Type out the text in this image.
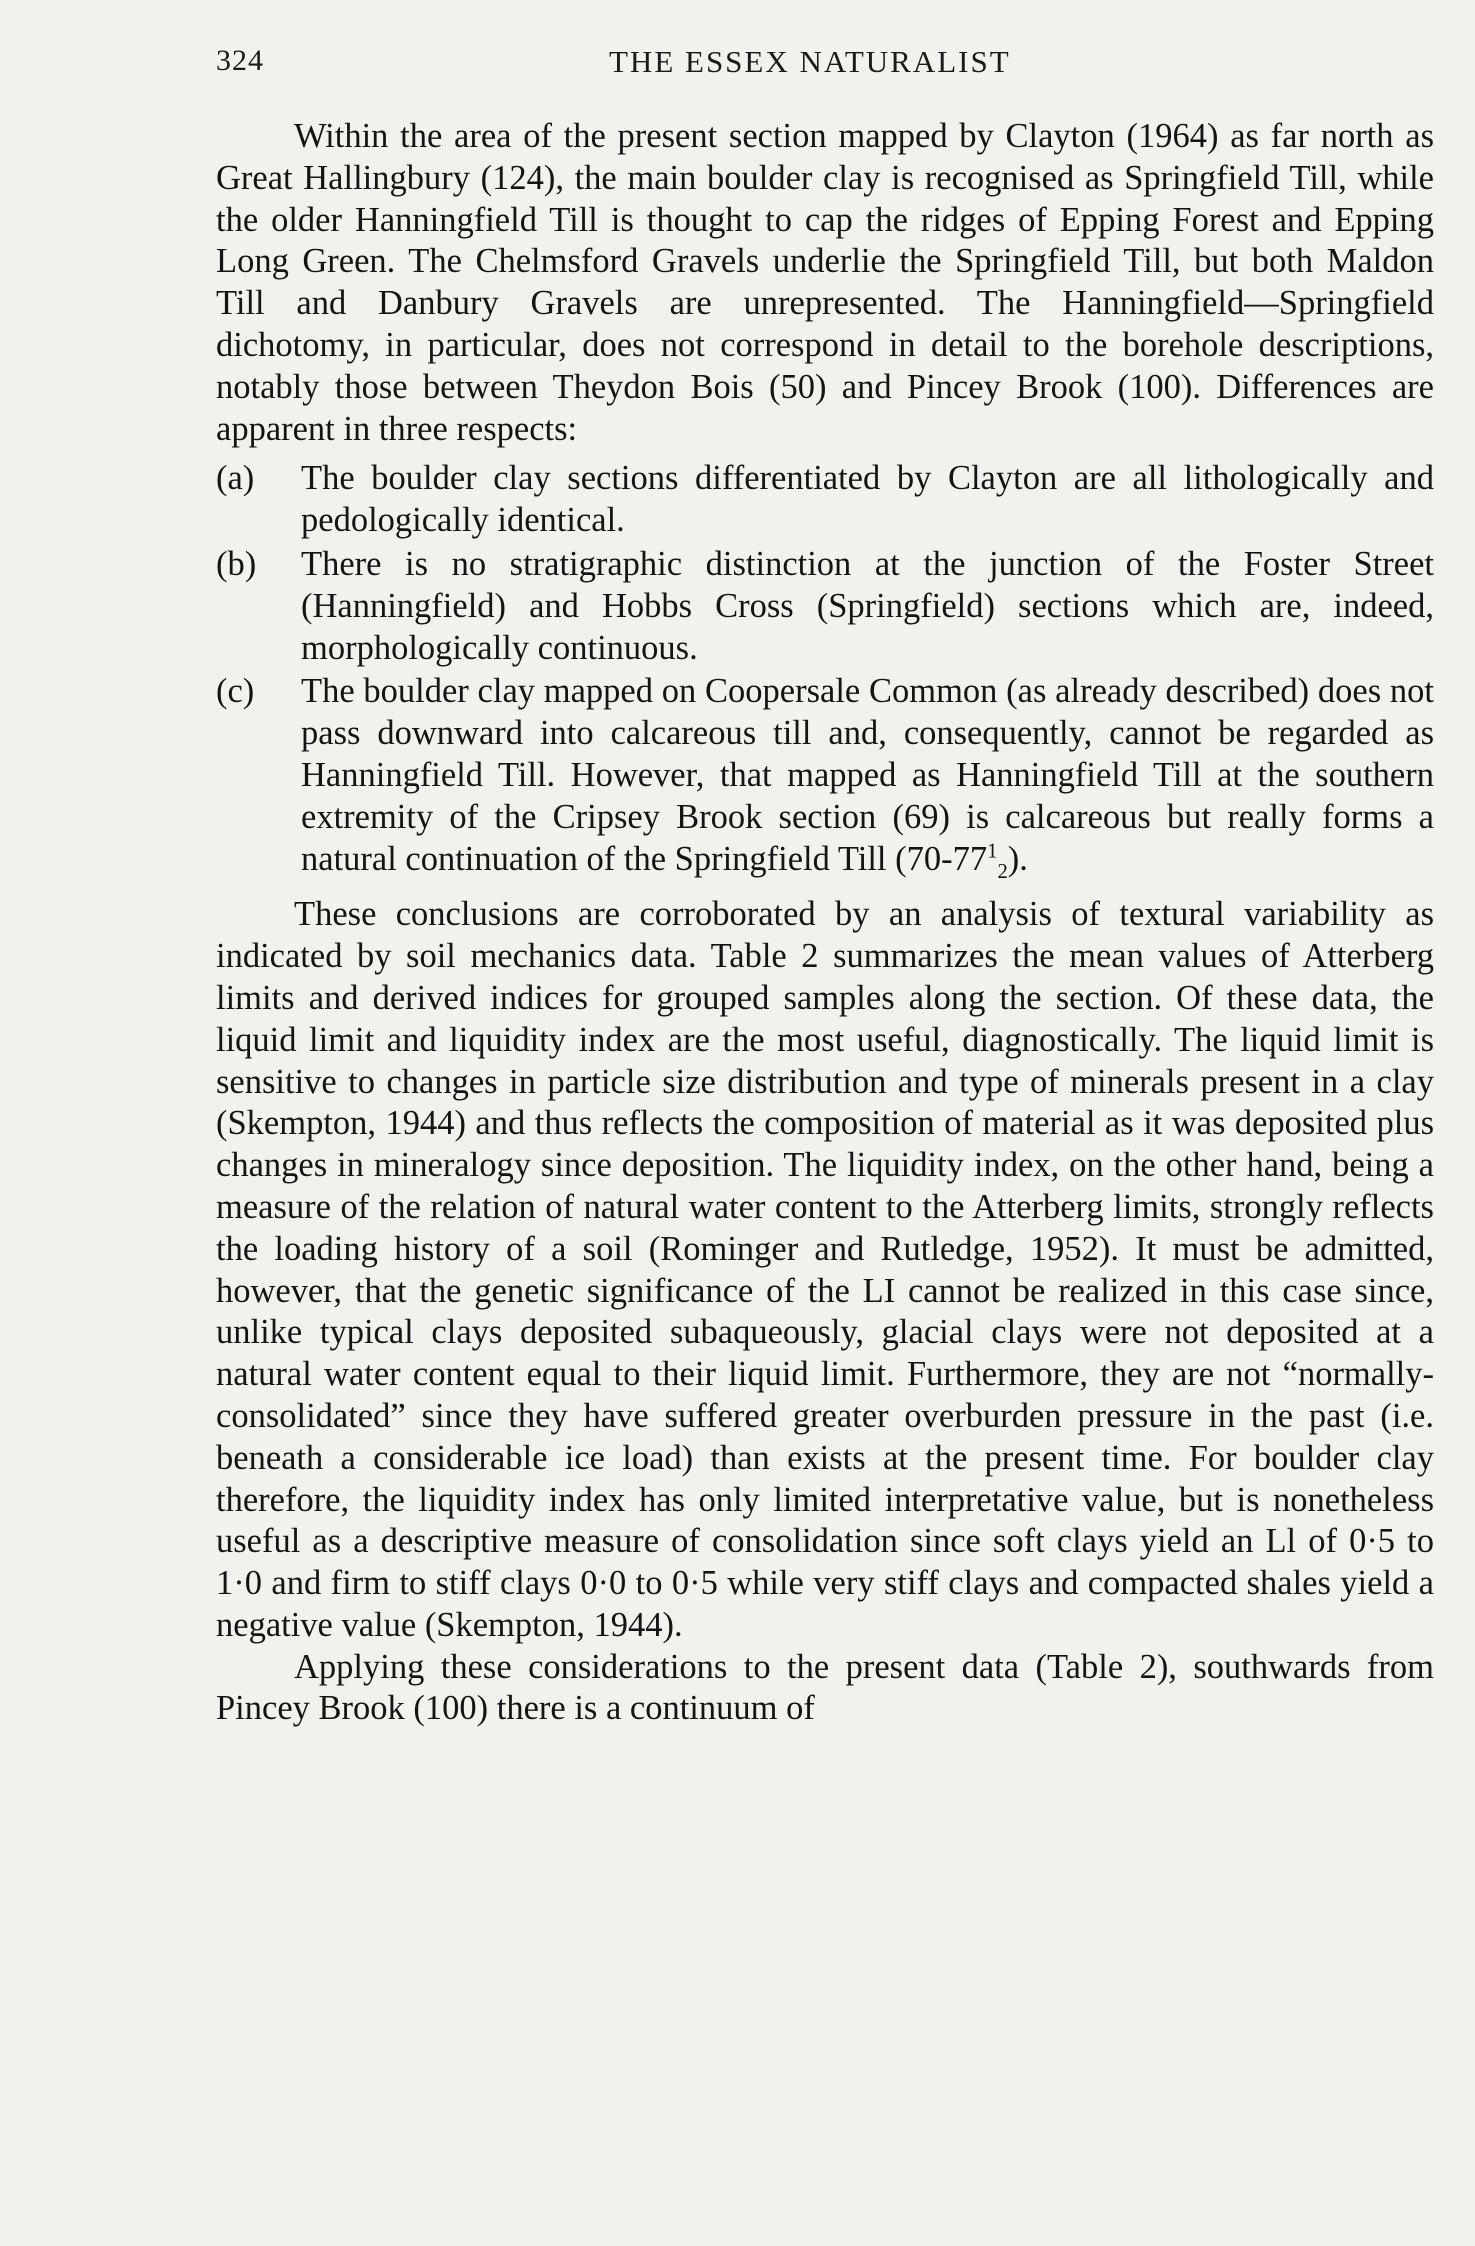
324	THE ESSEX NATURALIST

Within the area of the present section mapped by Clayton (1964) as far north as Great Hallingbury (124), the main boulder clay is recognised as Springfield Till, while the older Hanningfield Till is thought to cap the ridges of Epping Forest and Epping Long Green. The Chelmsford Gravels underlie the Springfield Till, but both Maldon Till and Danbury Gravels are unrepresented. The Hanningfield—Springfield dichotomy, in particular, does not correspond in detail to the borehole descriptions, notably those between Theydon Bois (50) and Pincey Brook (100). Differences are apparent in three respects:

(a)	The boulder clay sections differentiated by Clayton are all lithologically and pedologically identical.

(b)	There is no stratigraphic distinction at the junction of the Foster Street (Hanningfield) and Hobbs Cross (Springfield) sections which are, indeed, morphologically continuous.

(c)	The boulder clay mapped on Coopersale Common (as already described) does not pass downward into calcareous till and, consequently, cannot be regarded as Hanningfield Till. However, that mapped as Hanningfield Till at the southern extremity of the Cripsey Brook section (69) is calcareous but really forms a natural continuation of the Springfield Till $(70-77^1_2)$.

These conclusions are corroborated by an analysis of textural variability as indicated by soil mechanics data. Table 2 summarizes the mean values of Atterberg limits and derived indices for grouped samples along the section. Of these data, the liquid limit and liquidity index are the most useful, diagnostically. The liquid limit is sensitive to changes in particle size distribution and type of minerals present in a clay (Skempton, 1944) and thus reflects the composition of material as it was deposited plus changes in mineralogy since deposition. The liquidity index, on the other hand, being a measure of the relation of natural water content to the Atterberg limits, strongly reflects the loading history of a soil (Rominger and Rutledge, 1952). It must be admitted, however, that the genetic significance of the LI cannot be realized in this case since, unlike typical clays deposited subaqueously, glacial clays were not deposited at a natural water content equal to their liquid limit. Furthermore, they are not “normally-consolidated” since they have suffered greater overburden pressure in the past (i.e. beneath a considerable ice load) than exists at the present time. For boulder clay therefore, the liquidity index has only limited interpretative value, but is nonetheless useful as a descriptive measure of consolidation since soft clays yield an Ll of 0·5 to 1·0 and firm to stiff clays 0·0 to 0·5 while very stiff clays and compacted shales yield a negative value (Skempton, 1944).

Applying these considerations to the present data (Table 2), southwards from Pincey Brook (100) there is a continuum of
